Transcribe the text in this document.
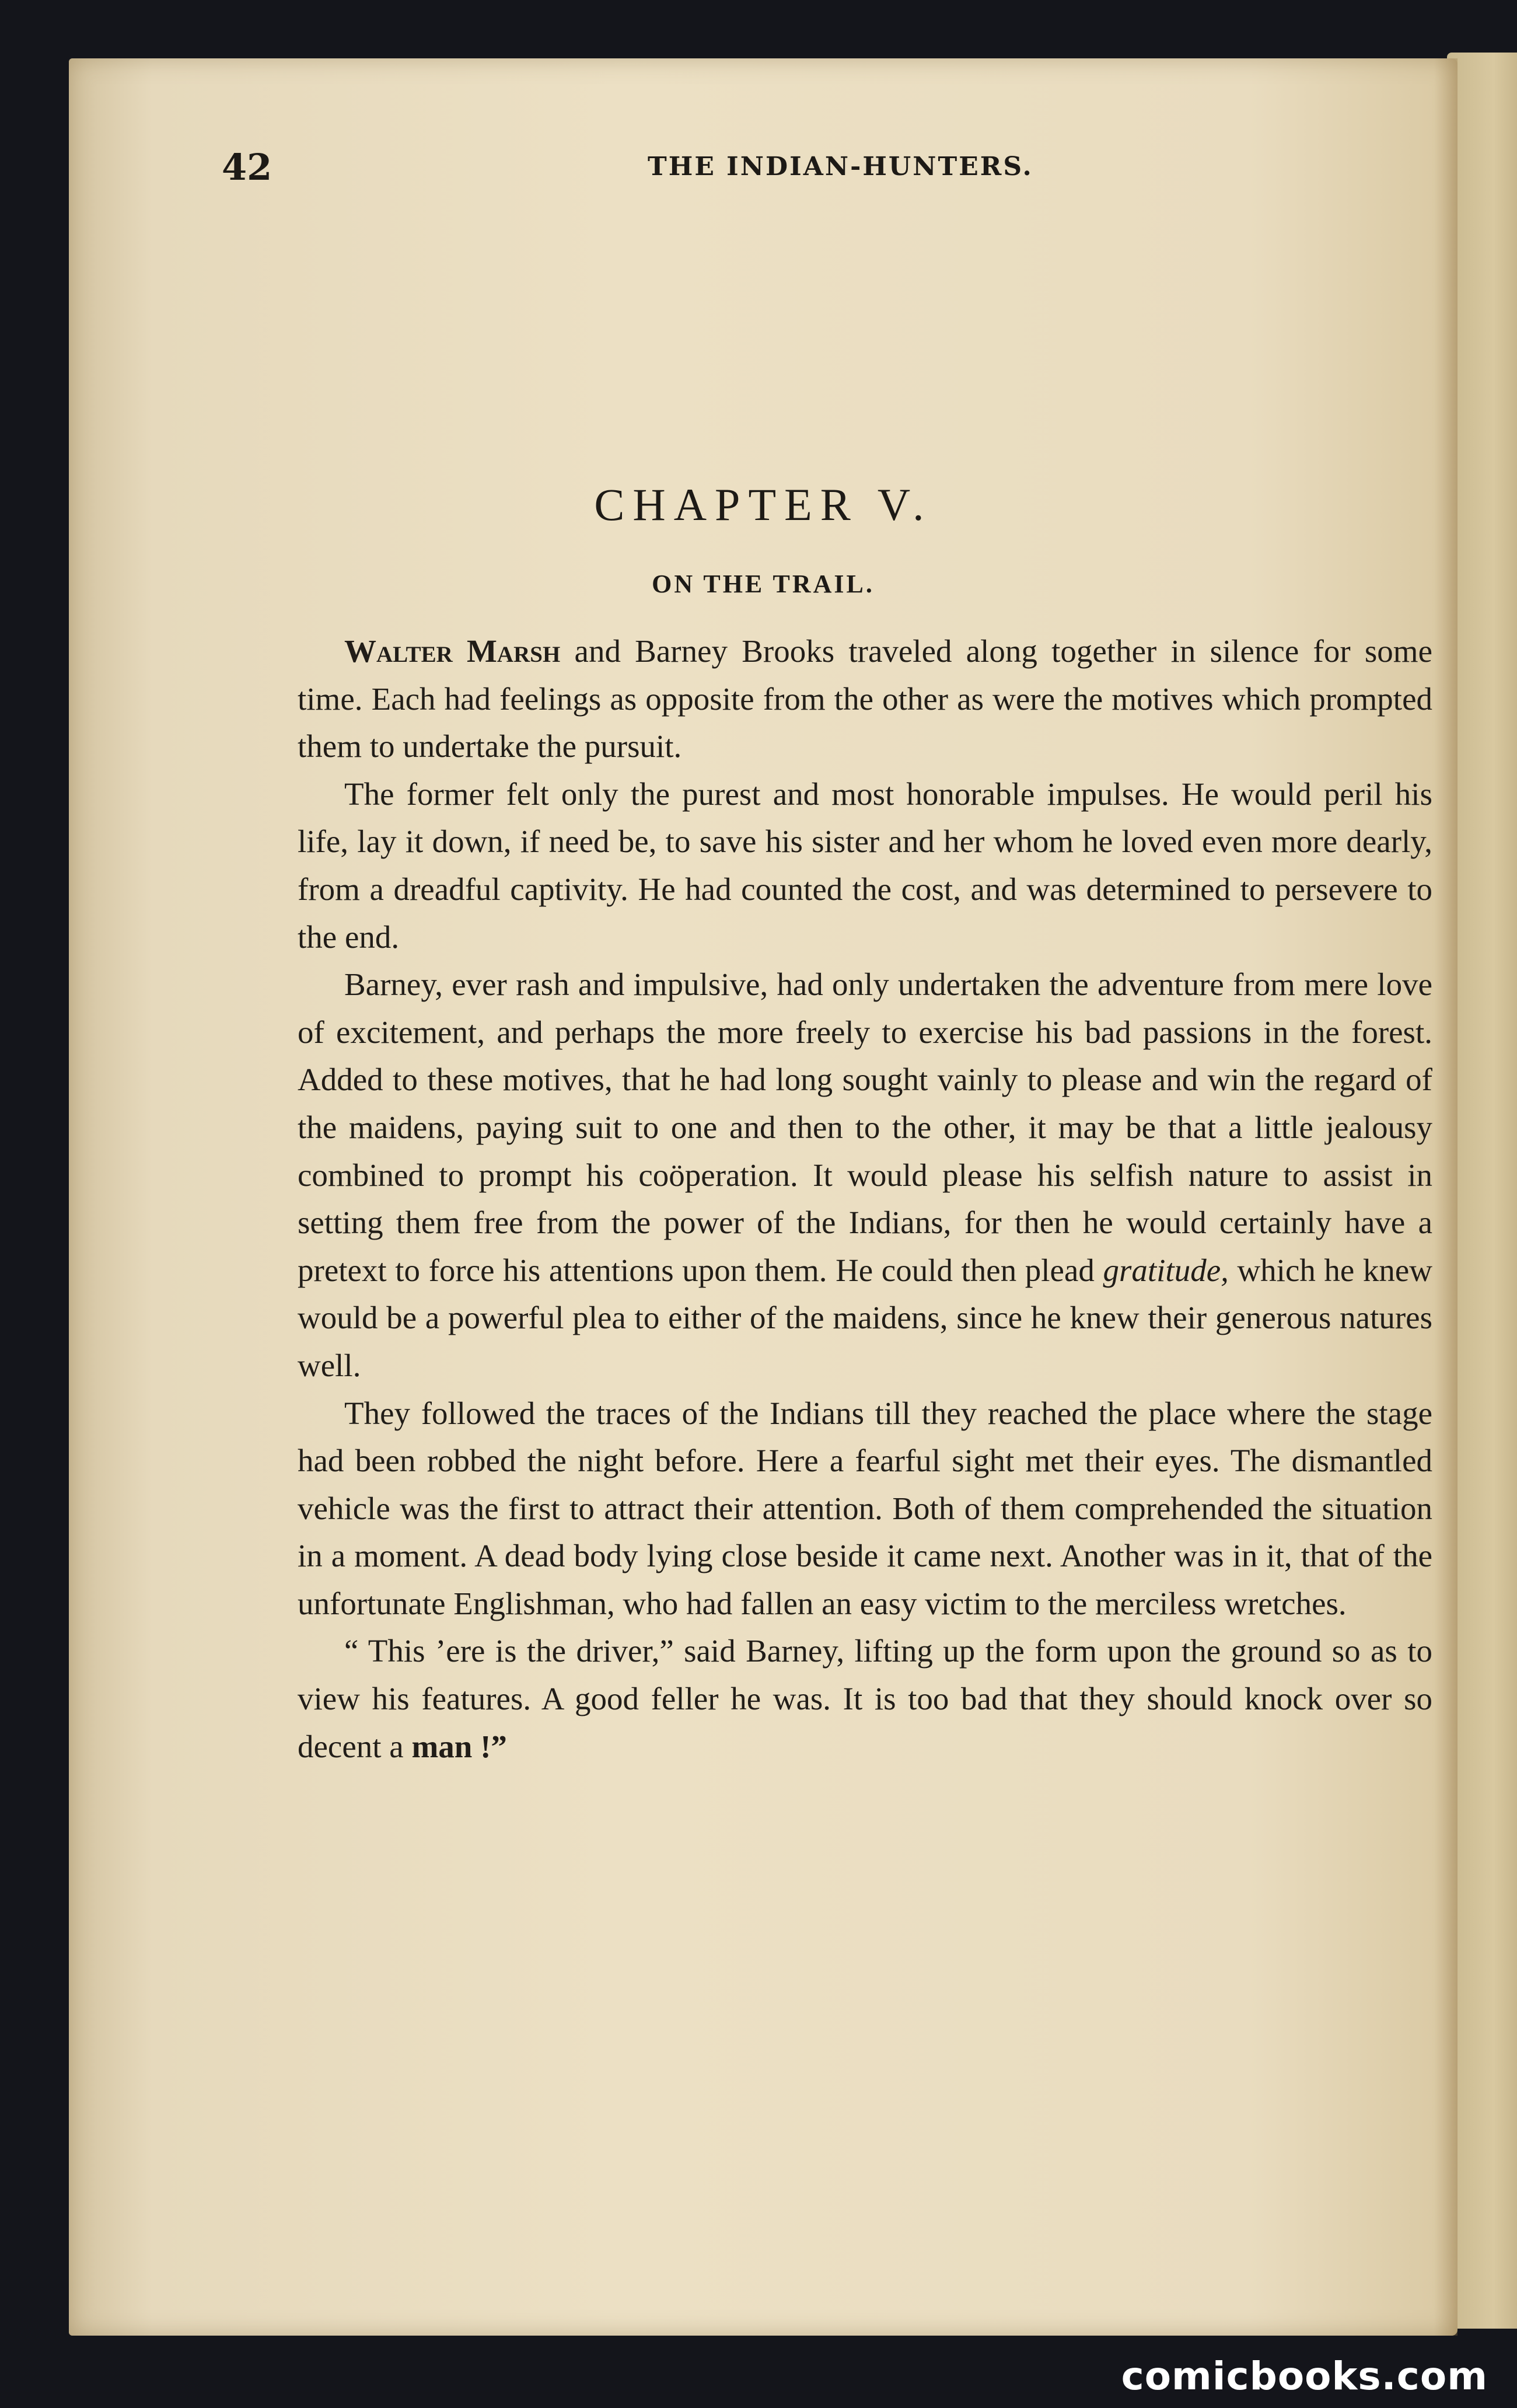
42	THE INDIAN-HUNTERS.
CHAPTER V.
ON THE TRAIL.

Walter Marsh and Barney Brooks traveled along together in silence for some time. Each had feelings as opposite from the other as were the motives which prompted them to undertake the pursuit.

The former felt only the purest and most honorable impulses. He would peril his life, lay it down, if need be, to save his sister and her whom he loved even more dearly, from a dreadful captivity. He had counted the cost, and was determined to persevere to the end.

Barney, ever rash and impulsive, had only undertaken the adventure from mere love of excitement, and perhaps the more freely to exercise his bad passions in the forest. Added to these motives, that he had long sought vainly to please and win the regard of the maidens, paying suit to one and then to the other, it may be that a little jealousy combined to prompt his coöperation. It would please his selfish nature to assist in setting them free from the power of the Indians, for then he would certainly have a pretext to force his attentions upon them. He could then plead gratitude, which he knew would be a powerful plea to either of the maidens, since he knew their generous natures well.

They followed the traces of the Indians till they reached the place where the stage had been robbed the night before. Here a fearful sight met their eyes. The dismantled vehicle was the first to attract their attention. Both of them comprehended the situation in a moment. A dead body lying close beside it came next. Another was in it, that of the unfortunate Englishman, who had fallen an easy victim to the merciless wretches.

“ This ’ere is the driver,” said Barney, lifting up the form upon the ground so as to view his features. A good feller he was. It is too bad that they should knock over so decent a man !”

comicbooks.com
